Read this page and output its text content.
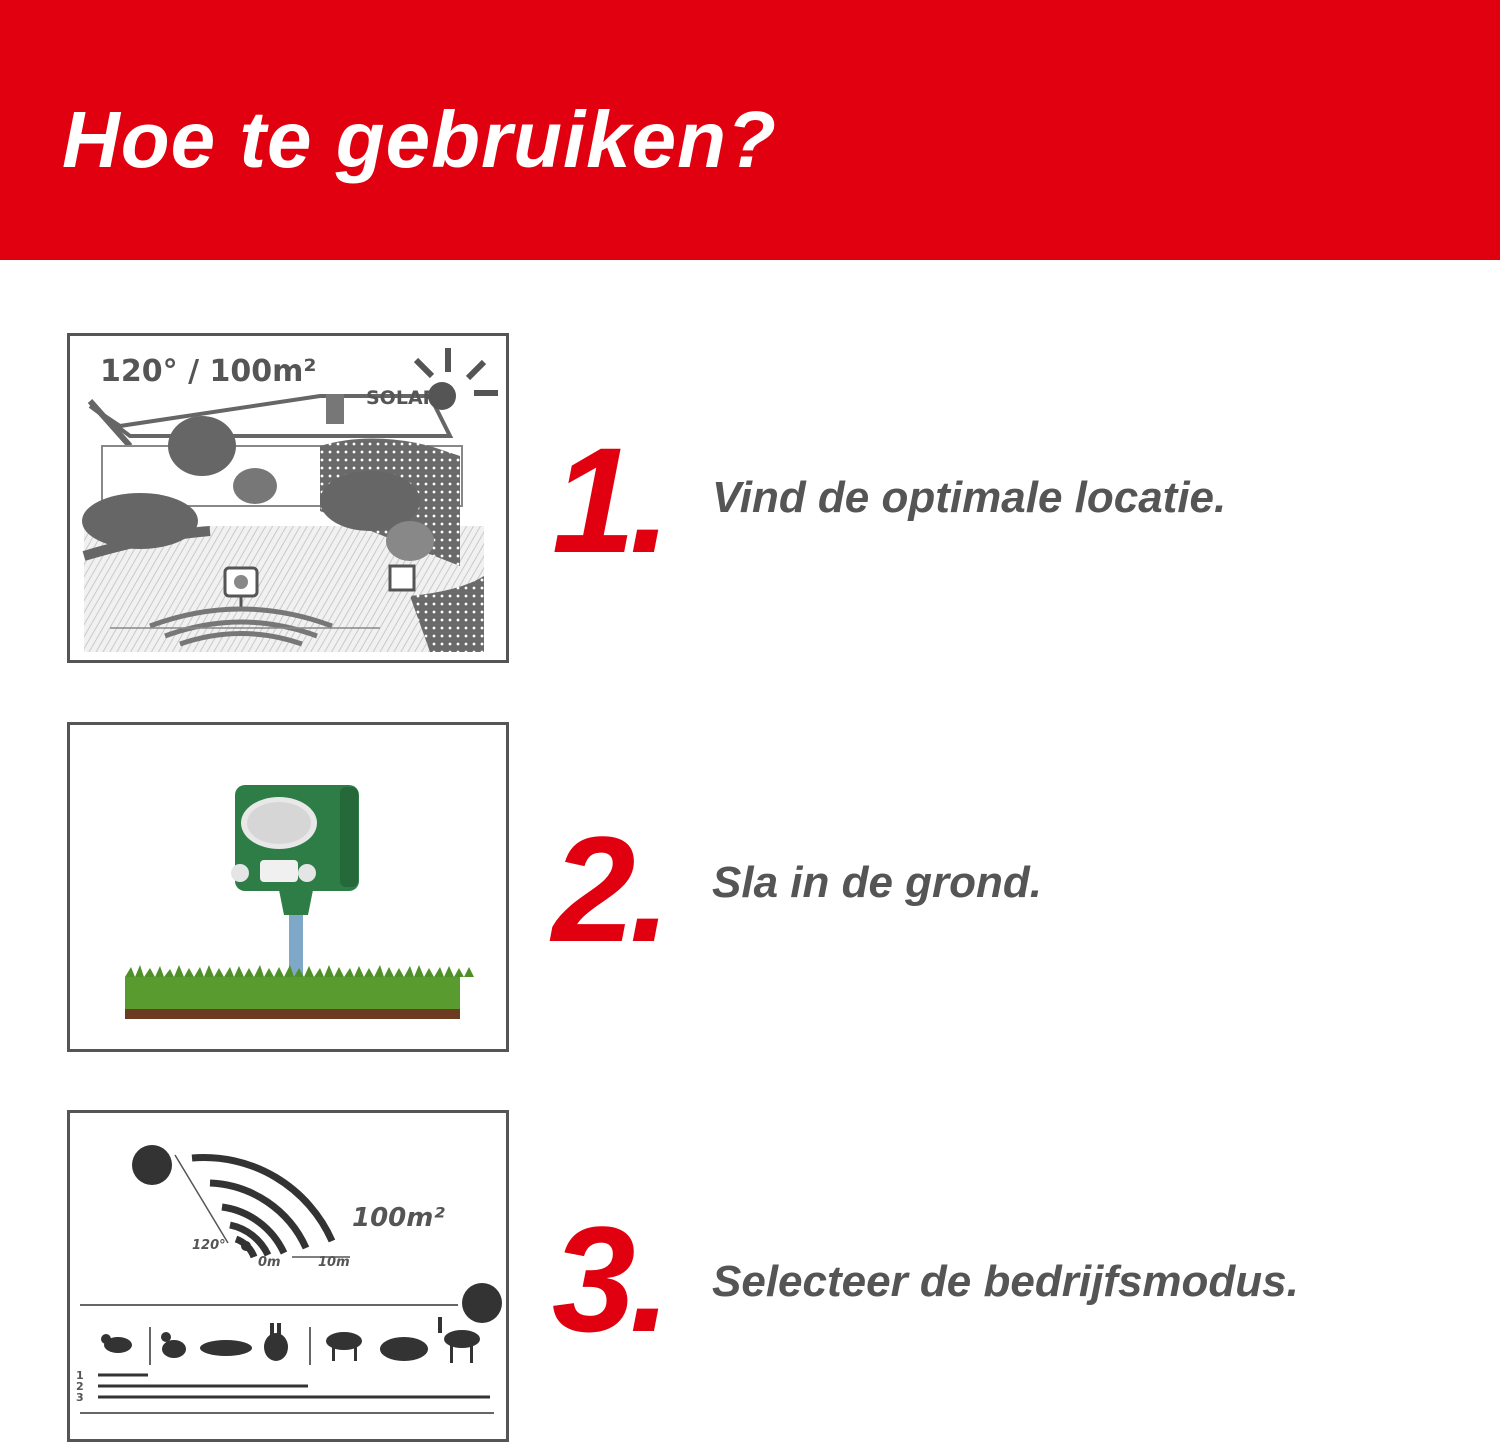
Hoe te gebruiken?
120° / 100m²
SOLAR
1. Vind de optimale locatie.
2. Sla in de grond.
100m²
120°
0m	10m
1
2
3
3. Selecteer de bedrijfsmodus.
